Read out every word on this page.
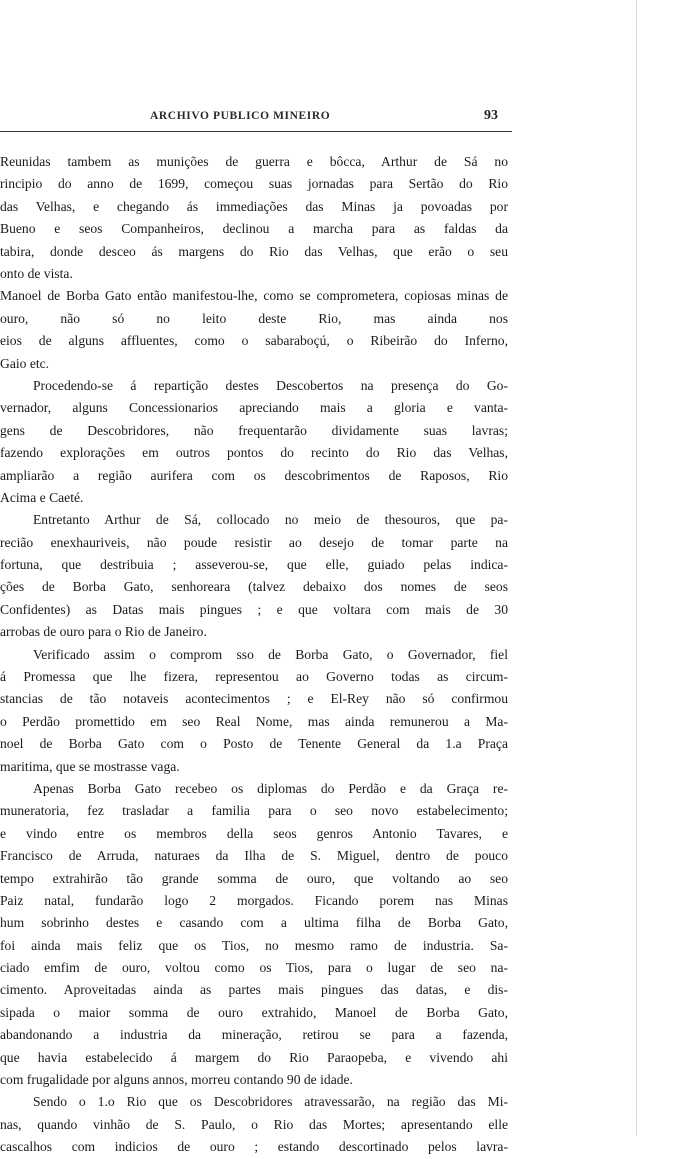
ARCHIVO PUBLICO MINEIRO	93
Reunidas tambem as munições de guerra e bôcca, Arthur de Sá no
rincipio do anno de 1699, começou suas jornadas para Sertão do Rio
das Velhas, e chegando ás immediações das Minas ja povoadas por
Bueno e seos Companheiros, declinou a marcha para as faldas da
tabira, donde desceo ás margens do Rio das Velhas, que erão o seu
onto de vista.
Manoel de Borba Gato então manifestou-lhe, como se comprometera, copiosas minas de ouro, não só no leito deste Rio, mas ainda nos
eios de alguns affluentes, como o sabaraboçú, o Ribeirão do Inferno,
Gaio etc.
Procedendo-se á repartição destes Descobertos na presença do Go-
vernador, alguns Concessionarios apreciando mais a gloria e vanta-
gens de Descobridores, não frequentarão dividamente suas lavras;
fazendo explorações em outros pontos do recinto do Rio das Velhas,
ampliarão a região aurifera com os descobrimentos de Raposos, Rio
Acima e Caeté.
Entretanto Arthur de Sá, collocado no meio de thesouros, que pa-
recião enexhauriveis, não poude resistir ao desejo de tomar parte na
fortuna, que destribuia ; asseverou-se, que elle, guiado pelas indica-
ções de Borba Gato, senhoreara (talvez debaixo dos nomes de seos
Confidentes) as Datas mais pingues ; e que voltara com mais de 30
arrobas de ouro para o Rio de Janeiro.
Verificado assim o comprom sso de Borba Gato, o Governador, fiel
á Promessa que lhe fizera, representou ao Governo todas as circum-
stancias de tão notaveis acontecimentos ; e El-Rey não só confirmou
o Perdão promettido em seo Real Nome, mas ainda remunerou a Ma-
noel de Borba Gato com o Posto de Tenente General da 1.a Praça
maritima, que se mostrasse vaga.
Apenas Borba Gato recebeo os diplomas do Perdão e da Graça re-
muneratoria, fez trasladar a familia para o seo novo estabelecimento;
e vindo entre os membros della seos genros Antonio Tavares, e
Francisco de Arruda, naturaes da Ilha de S. Miguel, dentro de pouco
tempo extrahirão tão grande somma de ouro, que voltando ao seo
Paiz natal, fundarão logo 2 morgados. Ficando porem nas Minas
hum sobrinho destes e casando com a ultima filha de Borba Gato,
foi ainda mais feliz que os Tios, no mesmo ramo de industria. Sa-
ciado emfim de ouro, voltou como os Tios, para o lugar de seo na-
cimento. Aproveitadas ainda as partes mais pingues das datas, e dis-
sipada o maior somma de ouro extrahido, Manoel de Borba Gato,
abandonando a industria da mineração, retirou se para a fazenda,
que havia estabelecido á margem do Rio Paraopeba, e vivendo ahi
com frugalidade por alguns annos, morreu contando 90 de idade.
Sendo o 1.o Rio que os Descobridores atravessarão, na região das Mi-
nas, quando vinhão de S. Paulo, o Rio das Mortes; apresentando elle
cascalhos com indicios de ouro ; estando descortinado pelos lavra-
